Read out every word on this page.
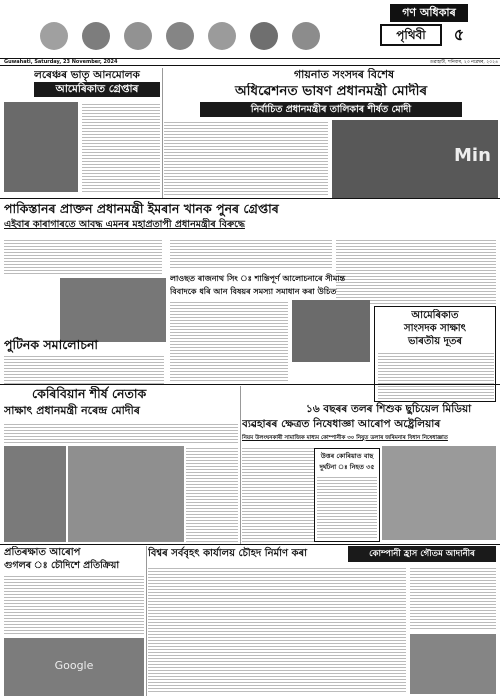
গণ অধিকাৰ
পৃথিবী	৫
Guwahati, Saturday, 23 November, 2024	গুৱাহাটী, শনিবাৰ, ২৩ নৱেম্বৰ, ২০২৪
লৰেঞ্চৰ ভাতৃ আনমোলক
আমেৰিকাত গ্ৰেপ্তাৰ
গায়নাত সংসদৰ বিশেষ
অধিৱেশনত ভাষণ প্ৰধানমন্ত্ৰী মোদীৰ
নিৰ্বাচিত প্ৰধানমন্ত্ৰীৰ তালিকাৰ শীৰ্ষত মোদী
Min
পাকিস্তানৰ প্ৰাক্তন প্ৰধানমন্ত্ৰী ইমৰান খানক পুনৰ গ্ৰেপ্তাৰ
এইবাৰ কাৰাগাৰতে আবদ্ধ এমনৰ মহাপ্ৰতাপী প্ৰধানমন্ত্ৰীৰ বিৰুদ্ধে
পুটিনক সমালোচনা
লাওছত ৰাজনাথ সিং ঃ শান্তিপূৰ্ণ আলোচনাৰে সীমান্ত
বিবাদকে ধৰি আন বিষয়ৰ সমস্যা সমাধান কৰা উচিত
আমেৰিকাত
সাংসদক সাক্ষাৎ
ভাৰতীয় দূতৰ
কেৰিবিয়ান শীৰ্ষ নেতাক
সাক্ষাৎ প্ৰধানমন্ত্ৰী নৰেন্দ্ৰ মোদীৰ	১৬ বছৰৰ তলৰ শিশুক ছুচিয়েল মিডিয়া
ব্যৱহাৰৰ ক্ষেত্ৰত নিষেধাজ্ঞা আৰোপ অষ্ট্ৰেলিয়াৰ
নিয়ম উলংঘনকাৰী সামাজিক মাধ্যম কোম্পানীক ৩০ নিযুত ডলাৰ জৰিমনাৰ বিধান নিষেধাজ্ঞাত
উত্তৰ কোৰিয়াত বাছ
দুৰ্ঘটনা ঃ নিহত ৩৫
প্ৰতিৰক্ষাত আৰোপ
গুগলৰ ঃ চৌদিশে প্ৰতিক্ৰিয়া
Google
বিশ্বৰ সৰ্ববৃহৎ কাৰ্যালয় চৌহদ নিৰ্মাণ কৰা	কোম্পানী হ্ৰাস গৌতম আদানীৰ
